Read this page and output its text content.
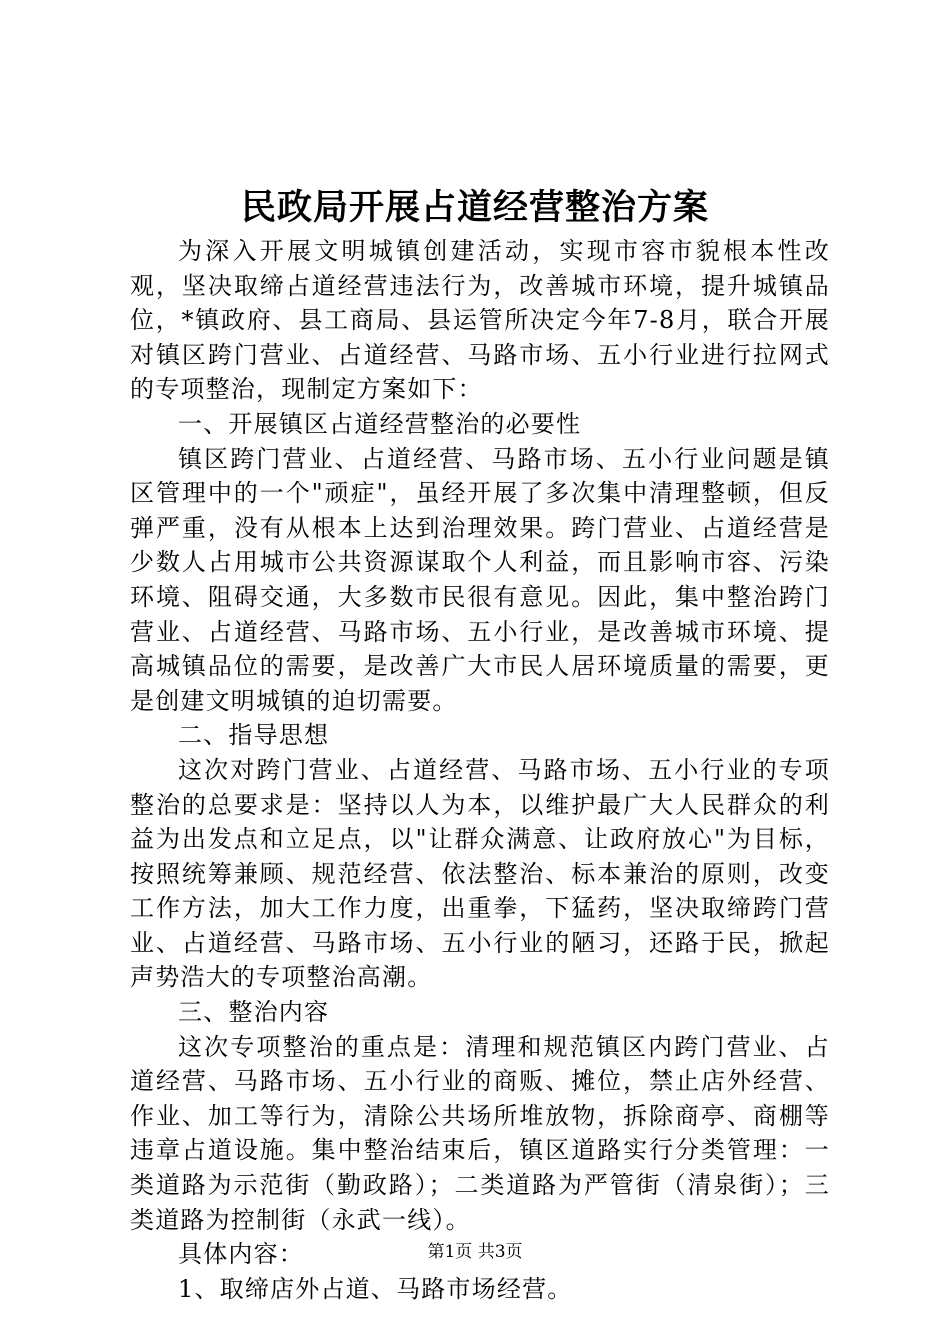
民政局开展占道经营整治方案

为深入开展文明城镇创建活动，实现市容市貌根本性改观，坚决取缔占道经营违法行为，改善城市环境，提升城镇品位，*镇政府、县工商局、县运管所决定今年7-8月，联合开展对镇区跨门营业、占道经营、马路市场、五小行业进行拉网式的专项整治，现制定方案如下：

一、开展镇区占道经营整治的必要性

镇区跨门营业、占道经营、马路市场、五小行业问题是镇区管理中的一个"顽症"，虽经开展了多次集中清理整顿，但反弹严重，没有从根本上达到治理效果。跨门营业、占道经营是少数人占用城市公共资源谋取个人利益，而且影响市容、污染环境、阻碍交通，大多数市民很有意见。因此，集中整治跨门营业、占道经营、马路市场、五小行业，是改善城市环境、提高城镇品位的需要，是改善广大市民人居环境质量的需要，更是创建文明城镇的迫切需要。

二、指导思想

这次对跨门营业、占道经营、马路市场、五小行业的专项整治的总要求是：坚持以人为本，以维护最广大人民群众的利益为出发点和立足点，以"让群众满意、让政府放心"为目标，按照统筹兼顾、规范经营、依法整治、标本兼治的原则，改变工作方法，加大工作力度，出重拳，下猛药，坚决取缔跨门营业、占道经营、马路市场、五小行业的陋习，还路于民，掀起声势浩大的专项整治高潮。

三、整治内容

这次专项整治的重点是：清理和规范镇区内跨门营业、占道经营、马路市场、五小行业的商贩、摊位，禁止店外经营、作业、加工等行为，清除公共场所堆放物，拆除商亭、商棚等违章占道设施。集中整治结束后，镇区道路实行分类管理：一类道路为示范街（勤政路）；二类道路为严管街（清泉街）；三类道路为控制街（永武一线）。

具体内容：

1、取缔店外占道、马路市场经营。

第1页 共3页
